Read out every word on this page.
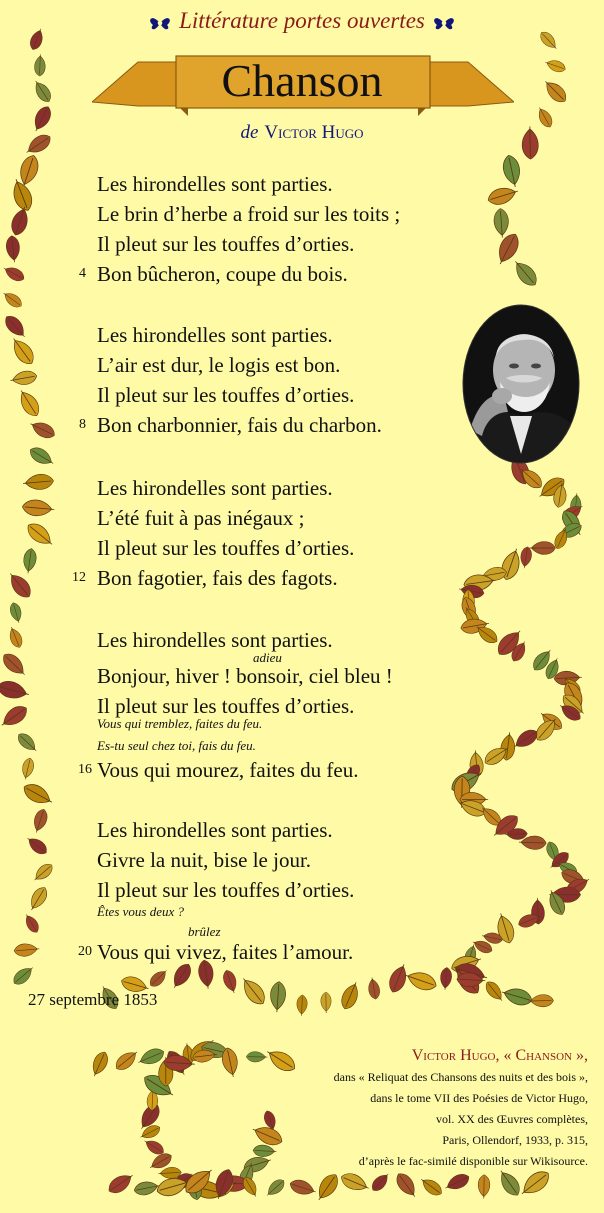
Littérature portes ouvertes
Chanson
de Victor Hugo
Les hirondelles sont parties.
Le brin d’herbe a froid sur les toits ;
Il pleut sur les touffes d’orties.
4 Bon bûcheron, coupe du bois.
Les hirondelles sont parties.
L’air est dur, le logis est bon.
Il pleut sur les touffes d’orties.
8 Bon charbonnier, fais du charbon.
Les hirondelles sont parties.
L’été fuit à pas inégaux ;
Il pleut sur les touffes d’orties.
12 Bon fagotier, fais des fagots.
Les hirondelles sont parties.
adieu
Bonjour, hiver ! bonsoir, ciel bleu !
Il pleut sur les touffes d’orties.
Vous qui tremblez, faites du feu.
Es-tu seul chez toi, fais du feu.
16 Vous qui mourez, faites du feu.
Les hirondelles sont parties.
Givre la nuit, bise le jour.
Il pleut sur les touffes d’orties.
Êtes vous deux ?
brûlez
20 Vous qui vivez, faites l’amour.
27 septembre 1853
Victor Hugo, « Chanson »,
dans « Reliquat des Chansons des nuits et des bois »,
dans le tome VII des Poésies de Victor Hugo,
vol. XX des Œuvres complètes,
Paris, Ollendorf, 1933, p. 315,
d’après le fac-similé disponible sur Wikisource.
